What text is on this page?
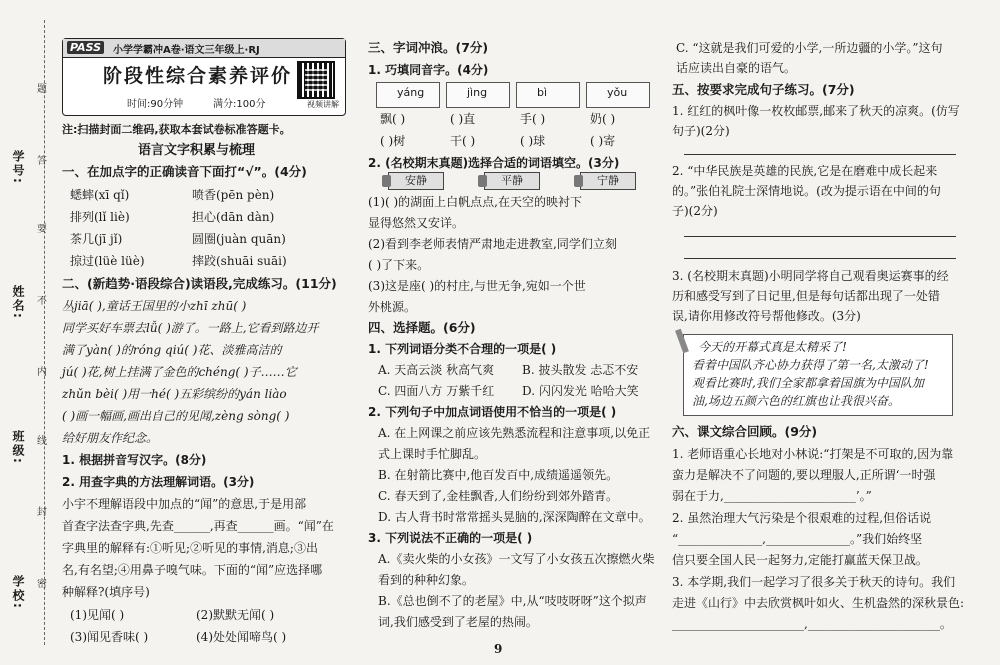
学号:
姓名:
班级:
学校:
题
答
要
不
内
线
封
密
PASS	小学学霸冲A卷·语文三年级上·RJ
阶段性综合素养评价
时间:90分钟	满分:100分	视频讲解
注:扫描封面二维码,获取本套试卷标准答题卡。
语言文字积累与梳理
一、在加点字的正确读音下面打“√”。(4分)
蟋蟀(xī qǐ)	喷香(pēn pèn)
排列(lǐ liè)	担心(dān dàn)
茶几(jī jǐ)	圆圈(juàn quān)
掠过(lüè lüè)	摔跤(shuāi suāi)
二、(新趋势·语段综合)读语段,完成练习。(11分)
丛jiā( ),童话王国里的小zhī zhū( )
同学买好车票去lǚ( )游了。一路上,它看到路边开
满了yàn( )的róng qiú( )花、淡雅高洁的
jú( )花,树上挂满了金色的chéng( )子……它
zhǔn bèi( )用一hé( )五彩缤纷的yán liào
( )画一幅画,画出自己的见闻,zèng sòng( )
给好朋友作纪念。
1. 根据拼音写汉字。(8分)
2. 用查字典的方法理解词语。(3分)
小宇不理解语段中加点的“闻”的意思,于是用部
首查字法查字典,先查______,再查______画。“闻”在
字典里的解释有:①听见;②听见的事情,消息;③出
名,有名望;④用鼻子嗅气味。下面的“闻”应选择哪
种解释?(填序号)
(1)见闻( )	(2)默默无闻( )
(3)闻见香味( )	(4)处处闻啼鸟( )
三、字词冲浪。(7分)
1. 巧填同音字。(4分)
yáng	jìng	bì	yǒu
飘( )	( )直	手( )	奶( )
( )树	干( )	( )球	( )寄
2. (名校期末真题)选择合适的词语填空。(3分)
安静	平静	宁静
(1)( )的湖面上白帆点点,在天空的映衬下
显得悠然又安详。
(2)看到李老师表情严肃地走进教室,同学们立刻
( )了下来。
(3)这是座( )的村庄,与世无争,宛如一个世
外桃源。
四、选择题。(6分)
1. 下列词语分类不合理的一项是( )
A. 天高云淡 秋高气爽 B. 披头散发 忐忑不安
C. 四面八方 万紫千红 D. 闪闪发光 哈哈大笑
2. 下列句子中加点词语使用不恰当的一项是( )
A. 在上网课之前应该先熟悉流程和注意事项,以免正
式上课时手忙脚乱。
B. 在射箭比赛中,他百发百中,成绩遥遥领先。
C. 春天到了,金桂飘香,人们纷纷到郊外踏青。
D. 古人背书时常常摇头晃脑的,深深陶醉在文章中。
3. 下列说法不正确的一项是( )
A.《卖火柴的小女孩》一文写了小女孩五次擦燃火柴
看到的种种幻象。
B.《总也倒不了的老屋》中,从“吱吱呀呀”这个拟声
词,我们感受到了老屋的热闹。
C. “这就是我们可爱的小学,一所边疆的小学。”这句
话应读出自豪的语气。
五、按要求完成句子练习。(7分)
1. 红红的枫叶像一枚枚邮票,邮来了秋天的凉爽。(仿写
句子)(2分)
2. “中华民族是英雄的民族,它是在磨难中成长起来
的。”张伯礼院士深情地说。(改为提示语在中间的句
子)(2分)
3. (名校期末真题)小明同学将自己观看奥运赛事的经
历和感受写到了日记里,但是每句话都出现了一处错
误,请你用修改符号帮他修改。(3分)
今天的开幕式真是太精采了!
看着中国队齐心协力获得了第一名,太激动了!
观看比赛时,我们全家都拿着国旗为中国队加
油,场边五颜六色的红旗也让我很兴奋。
六、课文综合回顾。(9分)
1. 老师语重心长地对小林说:“打架是不可取的,因为靠
蛮力是解决不了问题的,要以理服人,正所谓‘一时强
弱在于力,______________________’。”
2. 虽然治理大气污染是个很艰难的过程,但俗话说
“______________,______________。”我们始终坚
信只要全国人民一起努力,定能打赢蓝天保卫战。
3. 本学期,我们一起学习了很多关于秋天的诗句。我们
走进《山行》中去欣赏枫叶如火、生机盎然的深秋景色:
______________________,______________________。
9
